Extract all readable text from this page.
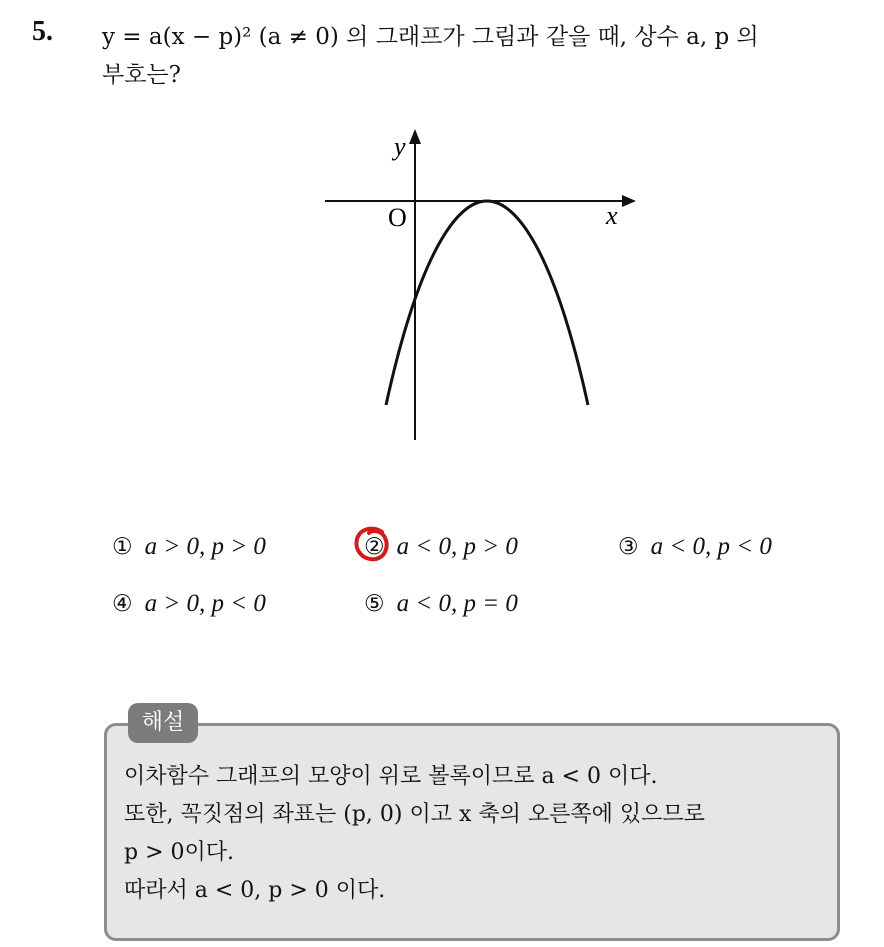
5. y = a(x − p)² (a ≠ 0) 의 그래프가 그림과 같을 때, 상수 a, p 의
부호는?
y
x
O
① a > 0, p > 0	② a < 0, p > 0	③ a < 0, p < 0
④ a > 0, p < 0	⑤ a < 0, p = 0
해설
이차함수 그래프의 모양이 위로 볼록이므로 a < 0 이다.
또한, 꼭짓점의 좌표는 (p, 0) 이고 x 축의 오른쪽에 있으므로
p > 0이다.
따라서 a < 0, p > 0 이다.
